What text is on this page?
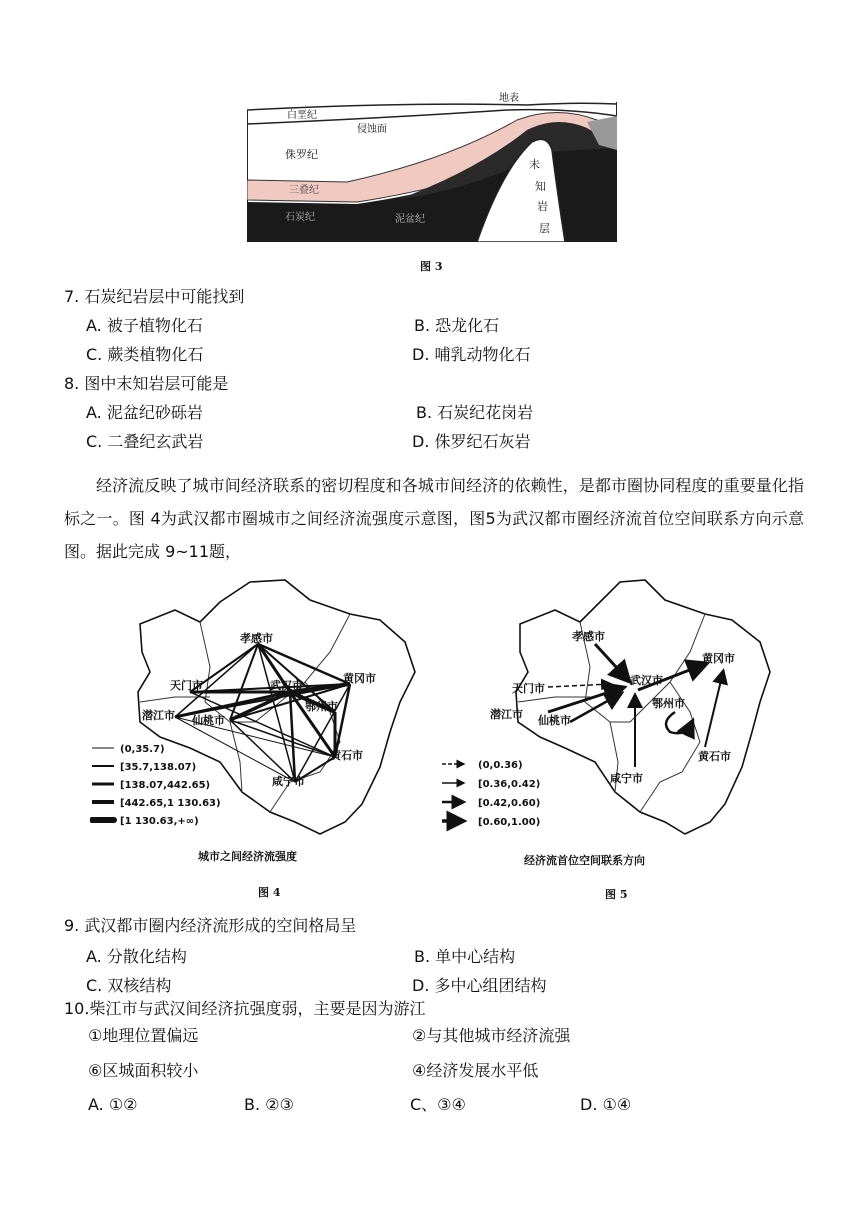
地表
白垩纪
侵蚀面
侏罗纪
三叠纪
石炭纪	泥盆纪
未
知
岩
层
图 3
7. 石炭纪岩层中可能找到
A. 被子植物化石	B. 恐龙化石
C. 蕨类植物化石	D. 哺乳动物化石
8. 图中末知岩层可能是
A. 泥盆纪砂砾岩	B. 石炭纪花岗岩
C. 二叠纪玄武岩	D. 侏罗纪石灰岩
经济流反映了城市间经济联系的密切程度和各城市间经济的依赖性，是都市圈协同程度的重要量化指标之一。图 4为武汉都市圈城市之间经济流强度示意图，图5为武汉都市圈经济流首位空间联系方向示意图。据此完成 9~11题，
孝感市
天门市	武汉市
黄冈市
潜江市 仙桃市
鄂州市
黄石市
咸宁市
(0,35.7)
[35.7,138.07)
[138.07,442.65)
[442.65,1 130.63)
[1 130.63,+∞)
城市之间经济流强度
图 4
孝感市
天门市
武汉市
黄冈市
潜江市 仙桃市
鄂州市
黄石市
咸宁市
(0,0.36)
[0.36,0.42)
[0.42,0.60)
[0.60,1.00)
经济流首位空间联系方向
图 5
9. 武汉都市圈内经济流形成的空间格局呈
A. 分散化结构	B. 单中心结构
C. 双核结构	D. 多中心组团结构
10.柴江市与武汉间经济抗强度弱，主要是因为游江
①地理位置偏远	②与其他城市经济流强
⑥区城面积较小	④经济发展水平低
A. ①②	B. ②③	C、③④	D. ①④
